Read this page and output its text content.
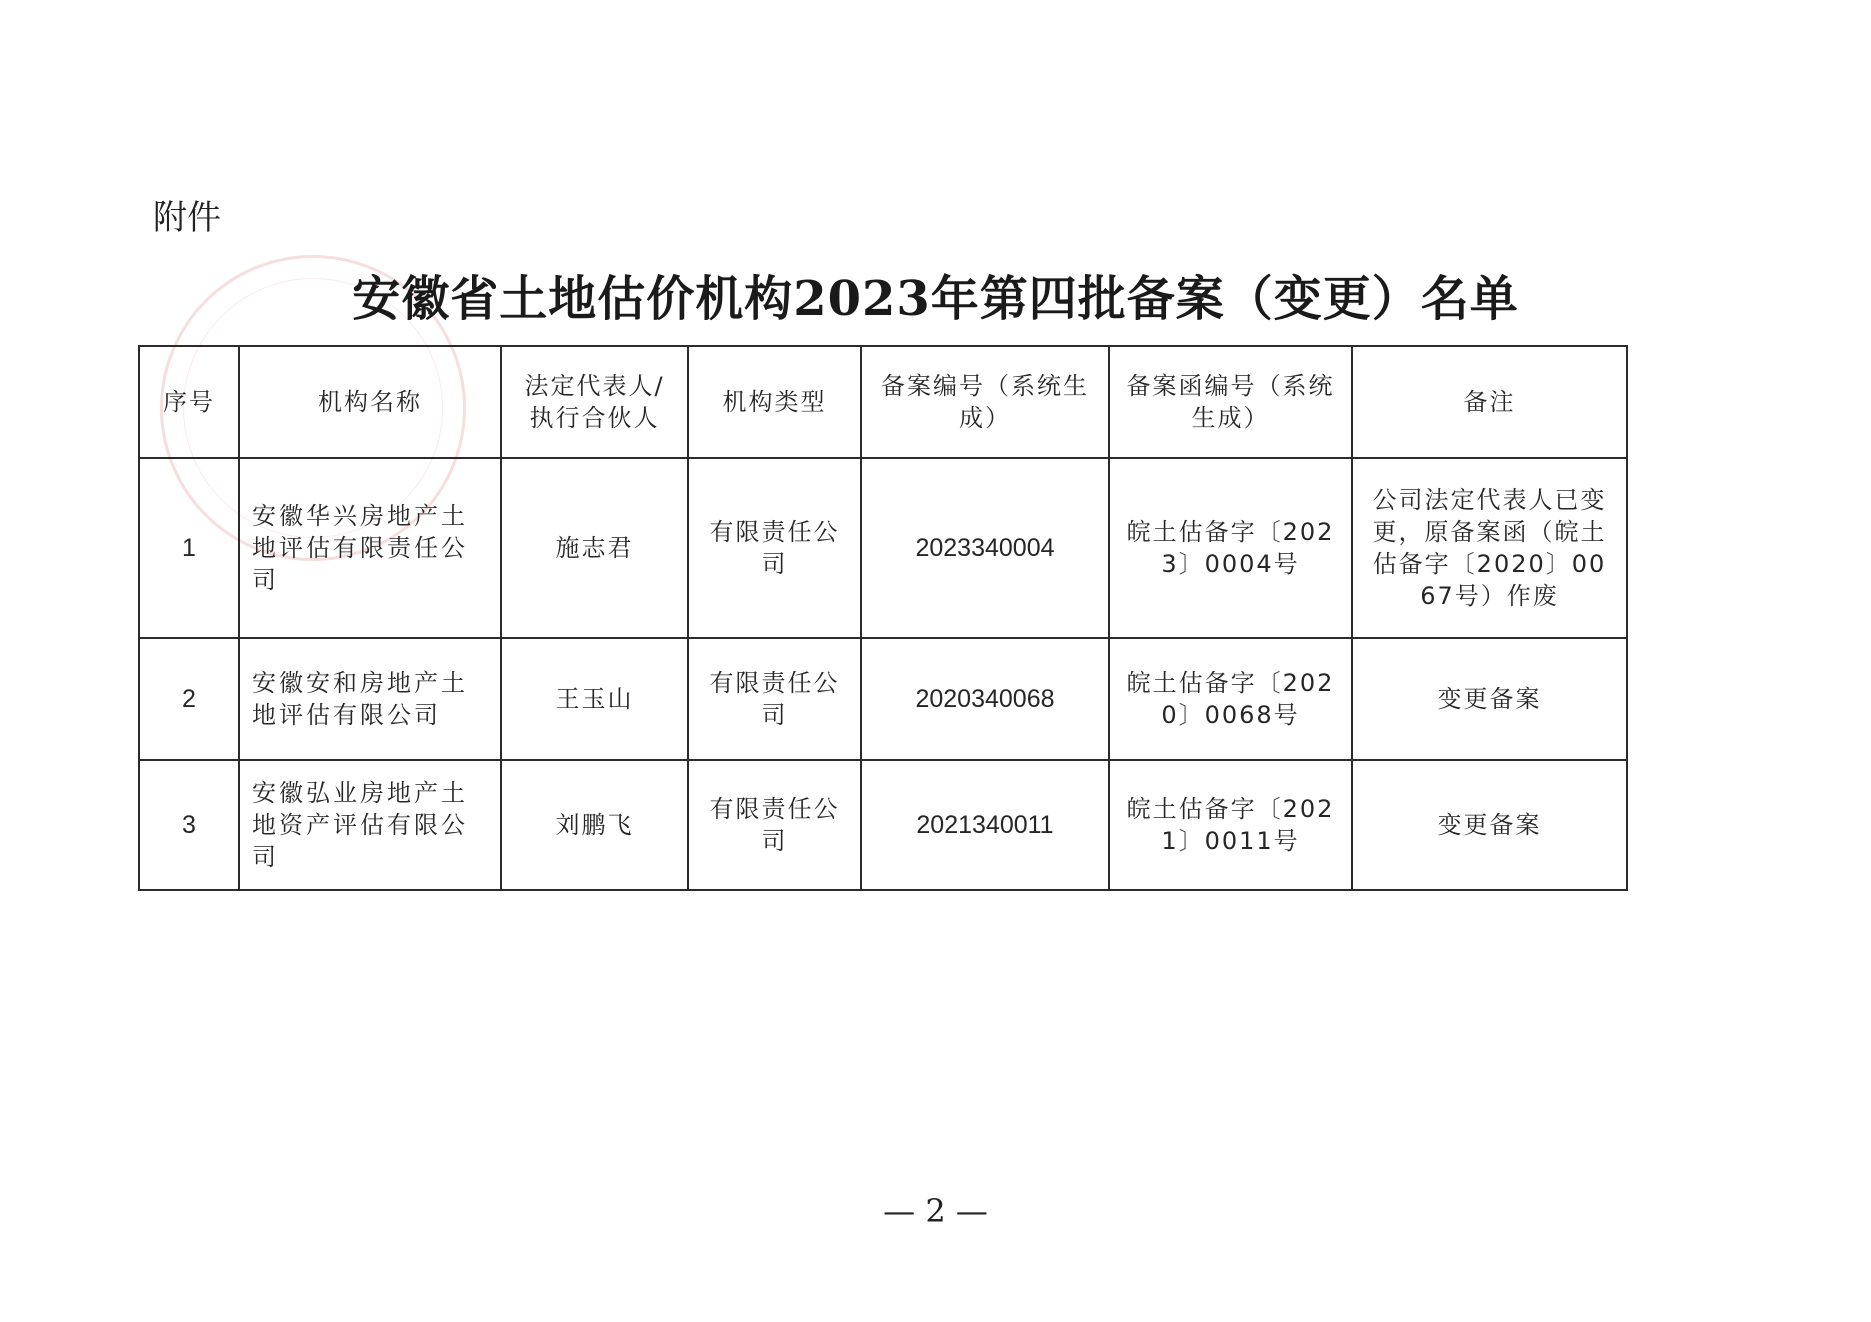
附件
安徽省土地估价机构2023年第四批备案（变更）名单
序号	机构名称	法定代表人/执行合伙人	机构类型	备案编号（系统生成）	备案函编号（系统生成）	备注
1	安徽华兴房地产土地评估有限责任公司	施志君	有限责任公司	2023340004	皖土估备字〔2023〕0004号	公司法定代表人已变更，原备案函（皖土估备字〔2020〕0067号）作废
2	安徽安和房地产土地评估有限公司	王玉山	有限责任公司	2020340068	皖土估备字〔2020〕0068号	变更备案
3	安徽弘业房地产土地资产评估有限公司	刘鹏飞	有限责任公司	2021340011	皖土估备字〔2021〕0011号	变更备案
— 2 —
